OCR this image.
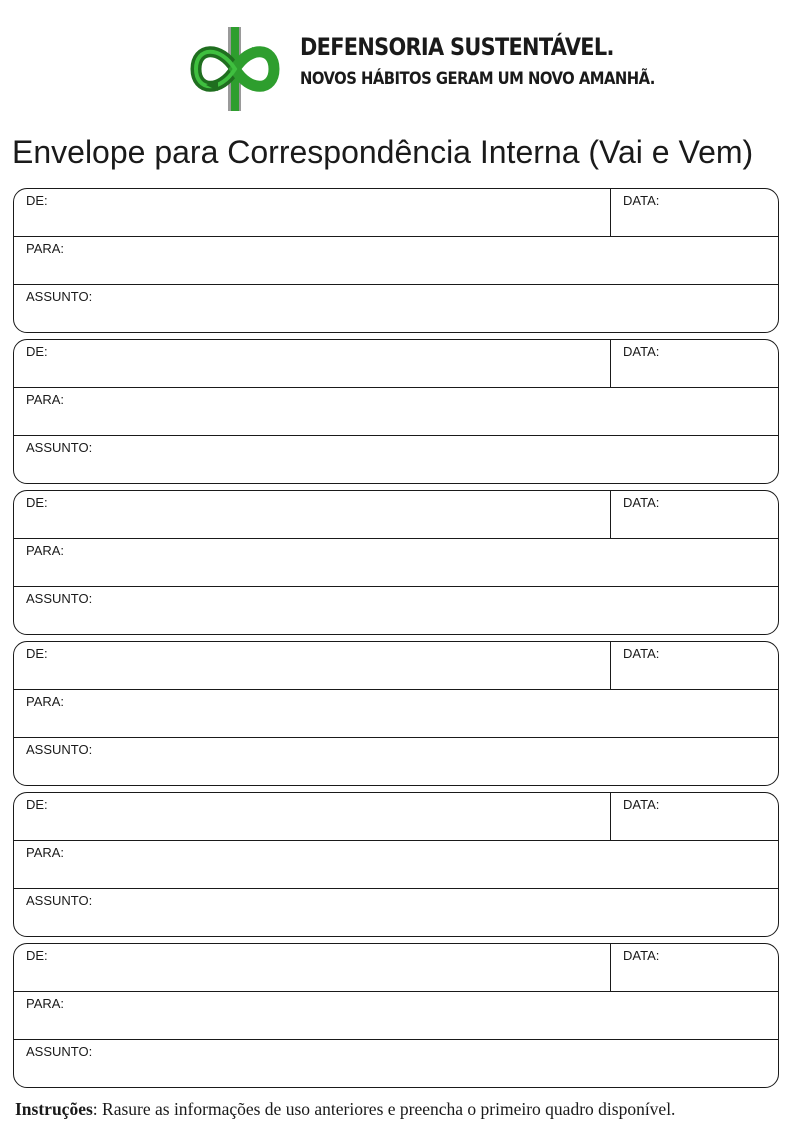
DEFENSORIA SUSTENTÁVEL.
NOVOS HÁBITOS GERAM UM NOVO AMANHÃ.
Envelope para Correspondência Interna (Vai e Vem)
DE:	DATA:
PARA:
ASSUNTO:
DE:	DATA:
PARA:
ASSUNTO:
DE:	DATA:
PARA:
ASSUNTO:
DE:	DATA:
PARA:
ASSUNTO:
DE:	DATA:
PARA:
ASSUNTO:
DE:	DATA:
PARA:
ASSUNTO:
Instruções: Rasure as informações de uso anteriores e preencha o primeiro quadro disponível.
